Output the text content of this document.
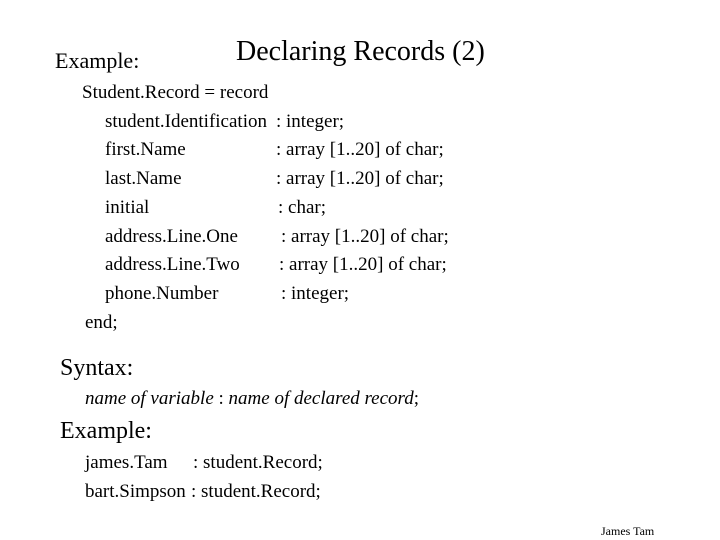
Example:	Declaring Records (2)
Student.Record = record
student.Identification : integer;
first.Name	: array [1..20] of char;
last.Name	: array [1..20] of char;
initial	: char;
address.Line.One : array [1..20] of char;
address.Line.Two : array [1..20] of char;
phone.Number	: integer;
end;
Syntax:
name of variable : name of declared record;
Example:
james.Tam : student.Record;
bart.Simpson : student.Record;
James Tam
